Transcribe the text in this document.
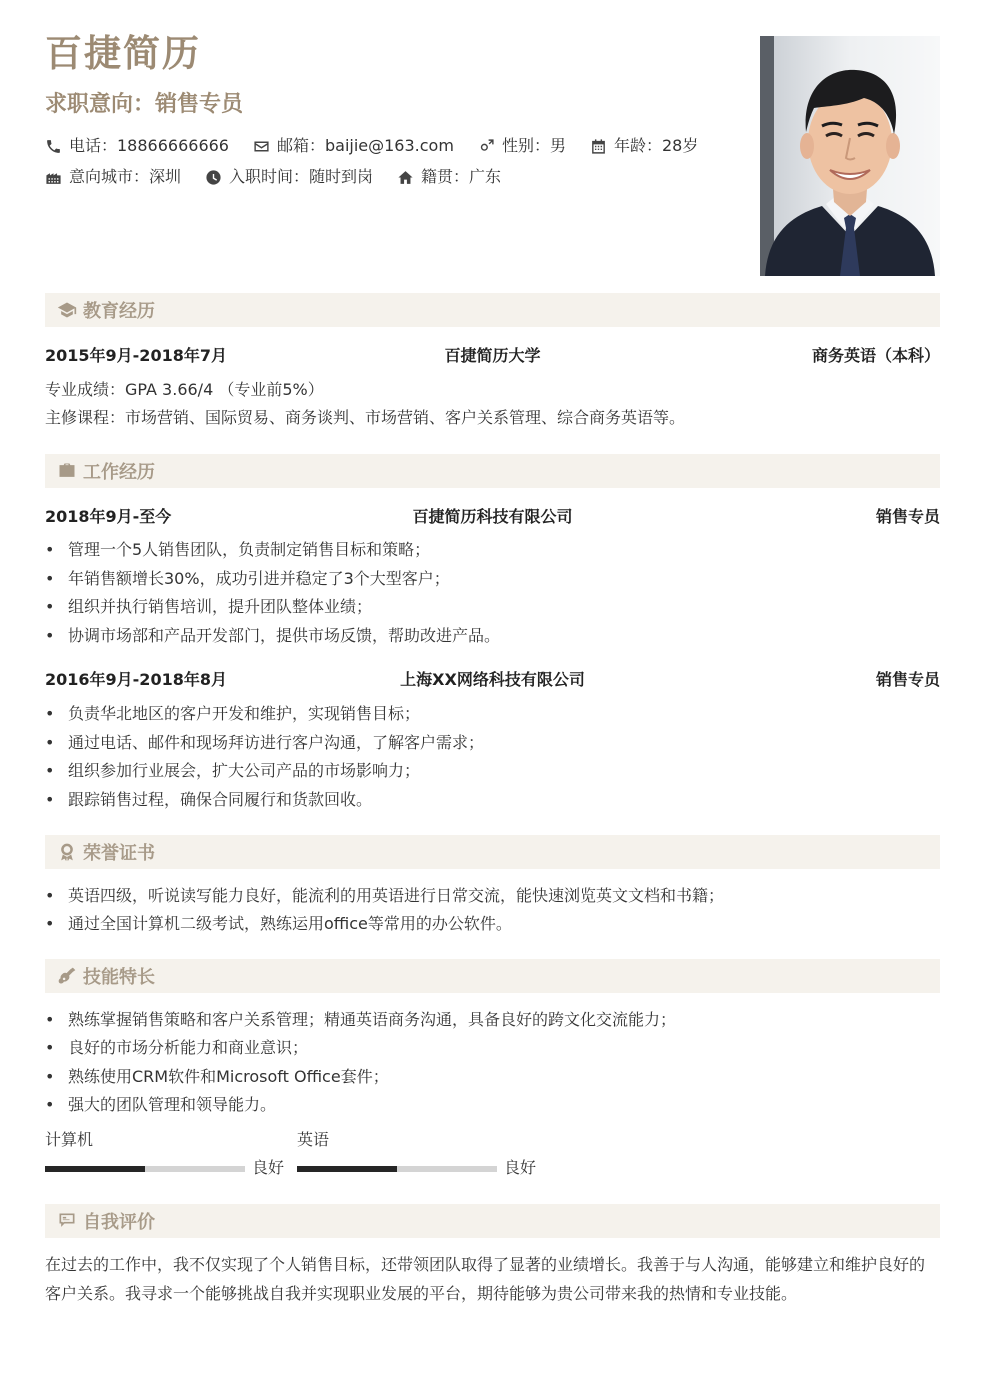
百捷简历
求职意向：销售专员
电话：18866666666	邮箱：baijie@163.com	性别：男	年龄：28岁
意向城市：深圳	入职时间：随时到岗	籍贯：广东
教育经历
2015年9月-2018年7月	百捷简历大学	商务英语（本科）
专业成绩：GPA 3.66/4 （专业前5%）
主修课程：市场营销、国际贸易、商务谈判、市场营销、客户关系管理、综合商务英语等。
工作经历
2018年9月-至今	百捷简历科技有限公司	销售专员
• 管理一个5人销售团队，负责制定销售目标和策略；
• 年销售额增长30%，成功引进并稳定了3个大型客户；
• 组织并执行销售培训，提升团队整体业绩；
• 协调市场部和产品开发部门，提供市场反馈，帮助改进产品。
2016年9月-2018年8月	上海XX网络科技有限公司	销售专员
• 负责华北地区的客户开发和维护，实现销售目标；
• 通过电话、邮件和现场拜访进行客户沟通，了解客户需求；
• 组织参加行业展会，扩大公司产品的市场影响力；
• 跟踪销售过程，确保合同履行和货款回收。
荣誉证书
• 英语四级，听说读写能力良好，能流利的用英语进行日常交流，能快速浏览英文文档和书籍；
• 通过全国计算机二级考试，熟练运用office等常用的办公软件。
技能特长
• 熟练掌握销售策略和客户关系管理；精通英语商务沟通，具备良好的跨文化交流能力；
• 良好的市场分析能力和商业意识；
• 熟练使用CRM软件和Microsoft Office套件；
• 强大的团队管理和领导能力。
计算机
良好
英语
良好
自我评价
在过去的工作中，我不仅实现了个人销售目标，还带领团队取得了显著的业绩增长。我善于与人沟通，能够建立和维护良好的客户关系。我寻求一个能够挑战自我并实现职业发展的平台，期待能够为贵公司带来我的热情和专业技能。
